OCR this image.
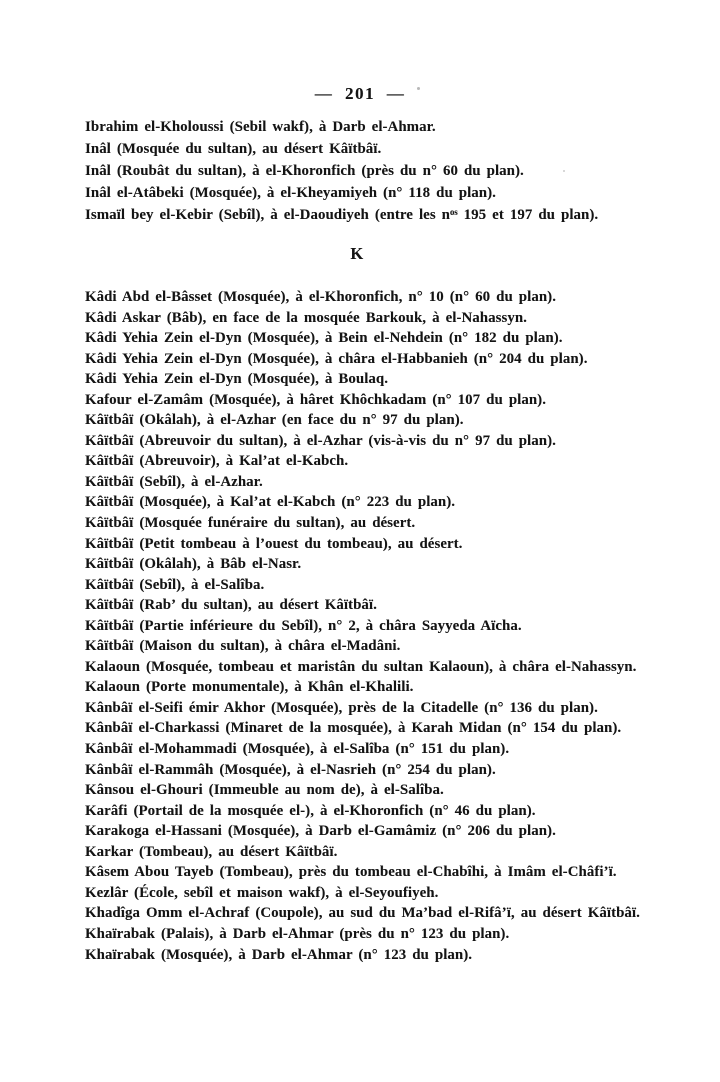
— 201 —
Ibrahim el-Kholoussi (Sebil wakf), à Darb el-Ahmar.
Inâl (Mosquée du sultan), au désert Kâïtbâï.
Inâl (Roubât du sultan), à el-Khoronfich (près du n° 60 du plan).
Inâl el-Atâbeki (Mosquée), à el-Kheyamiyeh (n° 118 du plan).
Ismaïl bey el-Kebir (Sebîl), à el-Daoudiyeh (entre les nᵒˢ 195 et 197 du plan).
K
Kâdi Abd el-Bâsset (Mosquée), à el-Khoronfich, n° 10 (n° 60 du plan).
Kâdi Askar (Bâb), en face de la mosquée Barkouk, à el-Nahassyn.
Kâdi Yehia Zein el-Dyn (Mosquée), à Bein el-Nehdein (n° 182 du plan).
Kâdi Yehia Zein el-Dyn (Mosquée), à châra el-Habbanieh (n° 204 du plan).
Kâdi Yehia Zein el-Dyn (Mosquée), à Boulaq.
Kafour el-Zamâm (Mosquée), à hâret Khôchkadam (n° 107 du plan).
Kâïtbâï (Okâlah), à el-Azhar (en face du n° 97 du plan).
Kâïtbâï (Abreuvoir du sultan), à el-Azhar (vis-à-vis du n° 97 du plan).
Kâïtbâï (Abreuvoir), à Kal’at el-Kabch.
Kâïtbâï (Sebîl), à el-Azhar.
Kâïtbâï (Mosquée), à Kal’at el-Kabch (n° 223 du plan).
Kâïtbâï (Mosquée funéraire du sultan), au désert.
Kâïtbâï (Petit tombeau à l’ouest du tombeau), au désert.
Kâïtbâï (Okâlah), à Bâb el-Nasr.
Kâïtbâï (Sebîl), à el-Salîba.
Kâïtbâï (Rab’ du sultan), au désert Kâïtbâï.
Kâïtbâï (Partie inférieure du Sebîl), n° 2, à châra Sayyeda Aïcha.
Kâïtbâï (Maison du sultan), à châra el-Madâni.
Kalaoun (Mosquée, tombeau et maristân du sultan Kalaoun), à châra el-Nahassyn.
Kalaoun (Porte monumentale), à Khân el-Khalili.
Kânbâï el-Seifi émir Akhor (Mosquée), près de la Citadelle (n° 136 du plan).
Kânbâï el-Charkassi (Minaret de la mosquée), à Karah Midan (n° 154 du plan).
Kânbâï el-Mohammadi (Mosquée), à el-Salîba (n° 151 du plan).
Kânbâï el-Rammâh (Mosquée), à el-Nasrieh (n° 254 du plan).
Kânsou el-Ghouri (Immeuble au nom de), à el-Salîba.
Karâfi (Portail de la mosquée el-), à el-Khoronfich (n° 46 du plan).
Karakoga el-Hassani (Mosquée), à Darb el-Gamâmiz (n° 206 du plan).
Karkar (Tombeau), au désert Kâïtbâï.
Kâsem Abou Tayeb (Tombeau), près du tombeau el-Chabîhi, à Imâm el-Châfi’ï.
Kezlâr (École, sebîl et maison wakf), à el-Seyoufiyeh.
Khadîga Omm el-Achraf (Coupole), au sud du Ma’bad el-Rifâ’ï, au désert Kâïtbâï.
Khaïrabak (Palais), à Darb el-Ahmar (près du n° 123 du plan).
Khaïrabak (Mosquée), à Darb el-Ahmar (n° 123 du plan).
